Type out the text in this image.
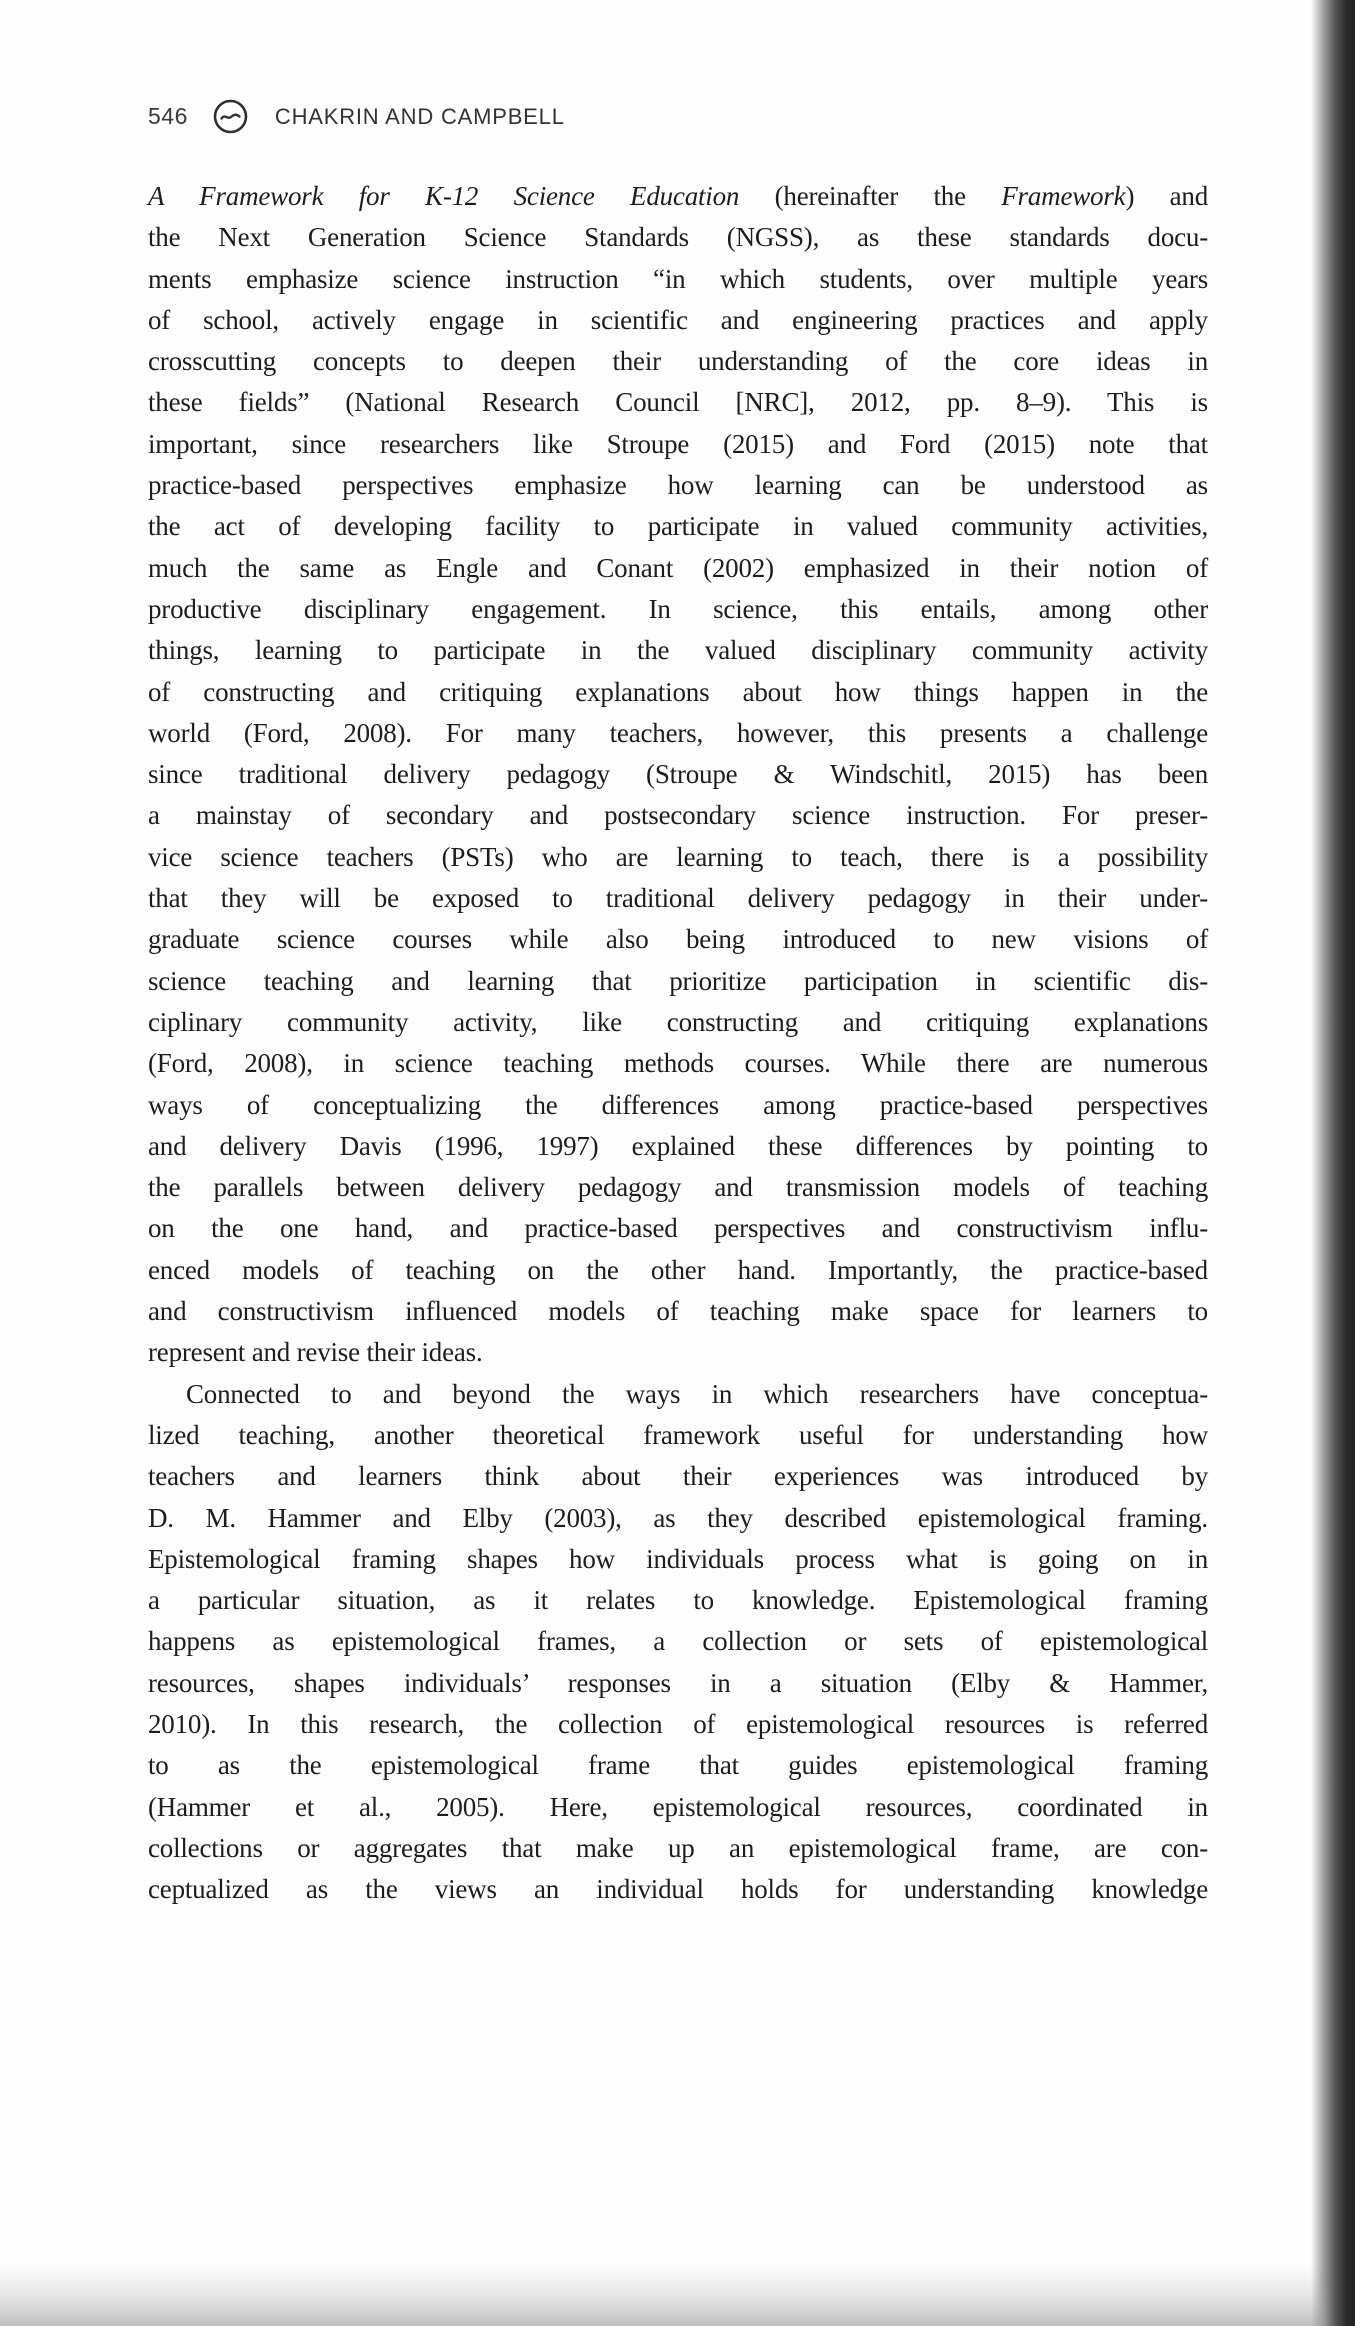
546	CHAKRIN AND CAMPBELL
A Framework for K-12 Science Education (hereinafter the Framework) and
the Next Generation Science Standards (NGSS), as these standards docu-
ments emphasize science instruction “in which students, over multiple years
of school, actively engage in scientific and engineering practices and apply
crosscutting concepts to deepen their understanding of the core ideas in
these fields” (National Research Council [NRC], 2012, pp. 8–9). This is
important, since researchers like Stroupe (2015) and Ford (2015) note that
practice-based perspectives emphasize how learning can be understood as
the act of developing facility to participate in valued community activities,
much the same as Engle and Conant (2002) emphasized in their notion of
productive disciplinary engagement. In science, this entails, among other
things, learning to participate in the valued disciplinary community activity
of constructing and critiquing explanations about how things happen in the
world (Ford, 2008). For many teachers, however, this presents a challenge
since traditional delivery pedagogy (Stroupe & Windschitl, 2015) has been
a mainstay of secondary and postsecondary science instruction. For preser-
vice science teachers (PSTs) who are learning to teach, there is a possibility
that they will be exposed to traditional delivery pedagogy in their under-
graduate science courses while also being introduced to new visions of
science teaching and learning that prioritize participation in scientific dis-
ciplinary community activity, like constructing and critiquing explanations
(Ford, 2008), in science teaching methods courses. While there are numerous
ways of conceptualizing the differences among practice-based perspectives
and delivery Davis (1996, 1997) explained these differences by pointing to
the parallels between delivery pedagogy and transmission models of teaching
on the one hand, and practice-based perspectives and constructivism influ-
enced models of teaching on the other hand. Importantly, the practice-based
and constructivism influenced models of teaching make space for learners to
represent and revise their ideas.
Connected to and beyond the ways in which researchers have conceptua-
lized teaching, another theoretical framework useful for understanding how
teachers and learners think about their experiences was introduced by
D. M. Hammer and Elby (2003), as they described epistemological framing.
Epistemological framing shapes how individuals process what is going on in
a particular situation, as it relates to knowledge. Epistemological framing
happens as epistemological frames, a collection or sets of epistemological
resources, shapes individuals’ responses in a situation (Elby & Hammer,
2010). In this research, the collection of epistemological resources is referred
to as the epistemological frame that guides epistemological framing
(Hammer et al., 2005). Here, epistemological resources, coordinated in
collections or aggregates that make up an epistemological frame, are con-
ceptualized as the views an individual holds for understanding knowledge
